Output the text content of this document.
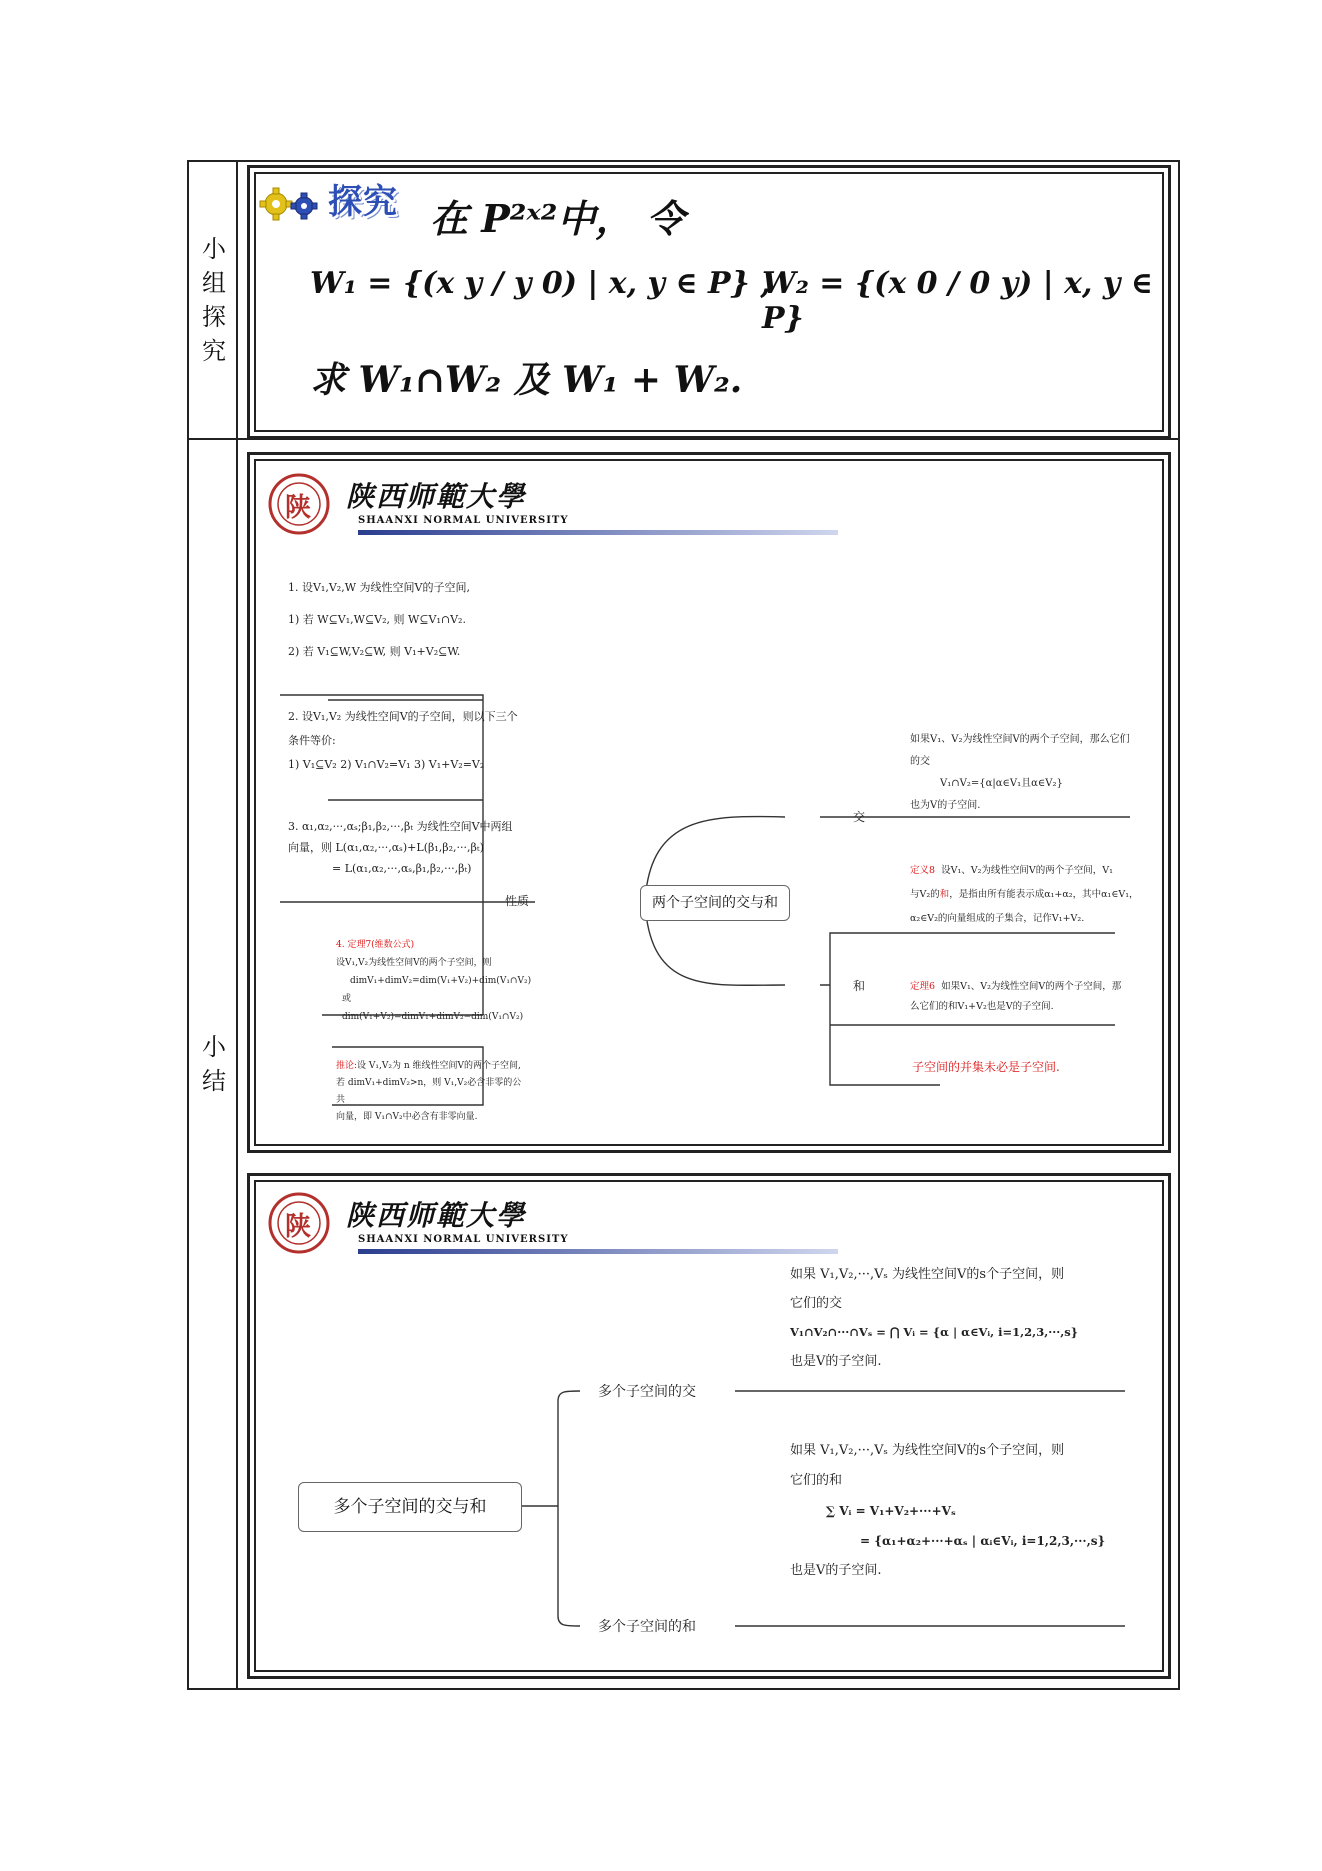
小
组
探
究
小
结
探究 在 P²ˣ²中， 令
W₁ = {(x y / y 0) | x, y ∈ P} ,
W₂ = {(x 0 / 0 y) | x, y ∈ P}
求 W₁∩W₂ 及 W₁ + W₂.
陕 陕西师範大學
SHAANXI NORMAL UNIVERSITY
两个子空间的交与和
性质
交
和
1. 设V₁,V₂,W 为线性空间V的子空间,
1) 若 W⊆V₁,W⊆V₂, 则 W⊆V₁∩V₂.
2) 若 V₁⊆W,V₂⊆W, 则 V₁+V₂⊆W.
2. 设V₁,V₂ 为线性空间V的子空间，则以下三个
条件等价:
1) V₁⊆V₂ 2) V₁∩V₂=V₁ 3) V₁+V₂=V₂
3. α₁,α₂,···,αₛ;β₁,β₂,···,βₜ 为线性空间V中两组
向量，则 L(α₁,α₂,···,αₛ)+L(β₁,β₂,···,βₜ)
= L(α₁,α₂,···,αₛ,β₁,β₂,···,βₜ)
4. 定理7(维数公式)
设V₁,V₂为线性空间V的两个子空间，则
dimV₁+dimV₂=dim(V₁+V₂)+dim(V₁∩V₂)
或 dim(V₁+V₂)=dimV₁+dimV₂−dim(V₁∩V₂)
推论:设 V₁,V₂为 n 维线性空间V的两个子空间,
若 dimV₁+dimV₂>n，则 V₁,V₂必含非零的公共
向量，即 V₁∩V₂中必含有非零向量.
如果V₁、V₂为线性空间V的两个子空间，那么它们
的交
V₁∩V₂={α|α∈V₁且α∈V₂}
也为V的子空间.
定义8 设V₁、V₂为线性空间V的两个子空间，V₁
与V₂的和，是指由所有能表示成α₁+α₂，其中α₁∈V₁，
α₂∈V₂的向量组成的子集合，记作V₁+V₂.
定理6 如果V₁、V₂为线性空间V的两个子空间，那
么它们的和V₁+V₂也是V的子空间.
子空间的并集未必是子空间.
陕 陕西师範大學
SHAANXI NORMAL UNIVERSITY
多个子空间的交与和
多个子空间的交
多个子空间的和
如果 V₁,V₂,···,Vₛ 为线性空间V的s个子空间，则
它们的交
V₁∩V₂∩···∩Vₛ = ⋂ Vᵢ = {α | α∈Vᵢ, i=1,2,3,···,s}
也是V的子空间.
如果 V₁,V₂,···,Vₛ 为线性空间V的s个子空间，则
它们的和
∑ Vᵢ = V₁+V₂+···+Vₛ
= {α₁+α₂+···+αₛ | αᵢ∈Vᵢ, i=1,2,3,···,s}
也是V的子空间.
